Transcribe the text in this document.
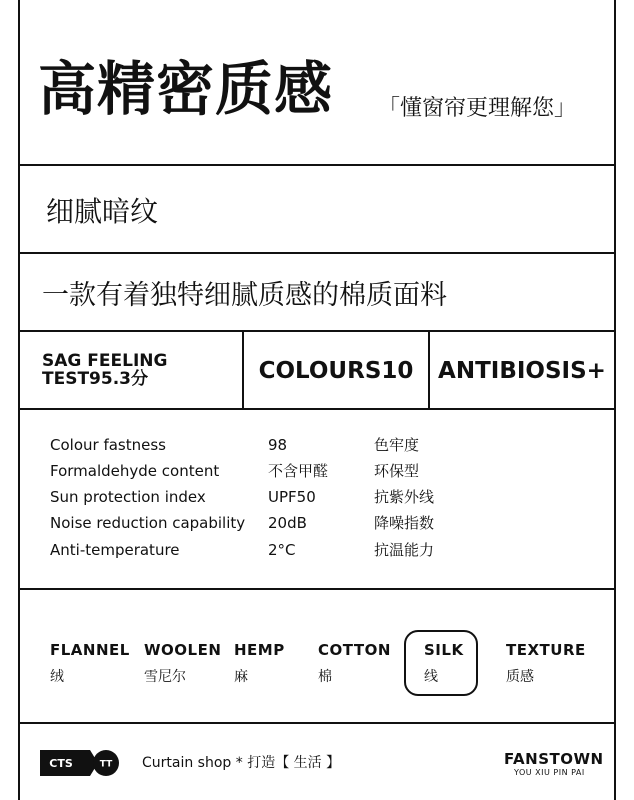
高精密质感 「懂窗帘更理解您」
细腻暗纹
一款有着独特细腻质感的棉质面料
SAG FEELING
TEST95.3分	COLOURS10	ANTIBIOSIS+
Colour fastness	98	色牢度
Formaldehyde content	不含甲醛	环保型
Sun protection index	UPF50	抗紫外线
Noise reduction capability 20dB	降噪指数
Anti-temperature	2°C	抗温能力
FLANNEL
绒
WOOLEN
雪尼尔
HEMP
麻
COTTON
棉
SILK
线
TEXTURE
质感
CTS	TT Curtain shop * 打造【 生活 】	FANSTOWN
YOU XIU PIN PAI
